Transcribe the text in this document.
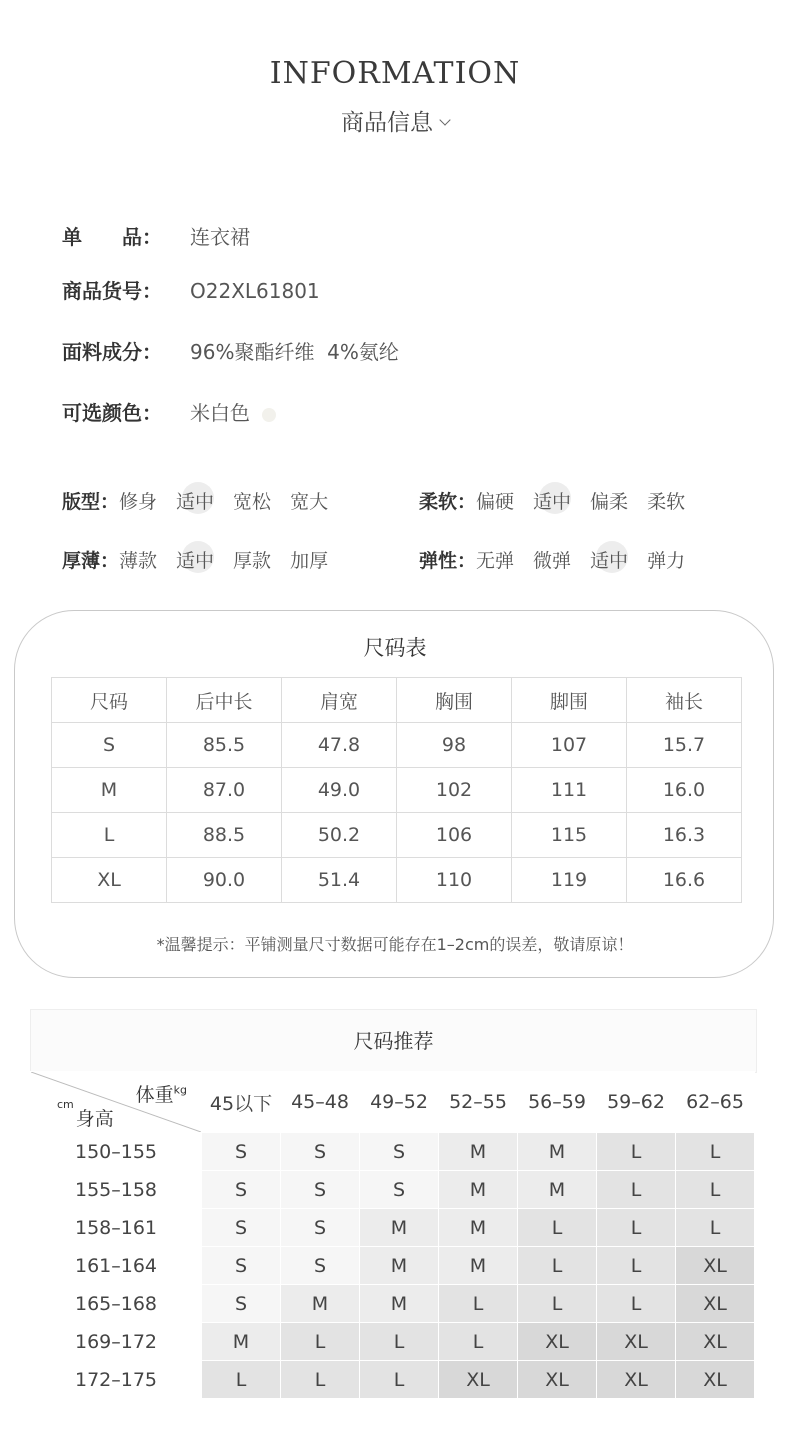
INFORMATION
商品信息
单　　品： 连衣裙
商品货号： O22XL61801
面料成分： 96%聚酯纤维  4%氨纶
可选颜色： 米白色
版型：修身 适中 宽松 宽大	柔软：偏硬 适中 偏柔 柔软
厚薄：薄款 适中 厚款 加厚	弹性：无弹 微弹 适中 弹力
尺码表
尺码	后中长	肩宽	胸围	脚围	袖长
S	85.5	47.8	98	107	15.7
M	87.0	49.0	102	111	16.0
L	88.5	50.2	106	115	16.3
XL	90.0	51.4	110	119	16.6
*温馨提示：平铺测量尺寸数据可能存在1–2cm的误差，敬请原谅！
尺码推荐
体重$^{kg}$
$^{cm}$身高	45以下	45–48	49–52	52–55	56–59	59–62	62–65
150–155	S	S	S	M	M	L	L
155–158	S	S	S	M	M	L	L
158–161	S	S	M	M	L	L	L
161–164	S	S	M	M	L	L	XL
165–168	S	M	M	L	L	L	XL
169–172	M	L	L	L	XL	XL	XL
172–175	L	L	L	XL	XL	XL	XL
